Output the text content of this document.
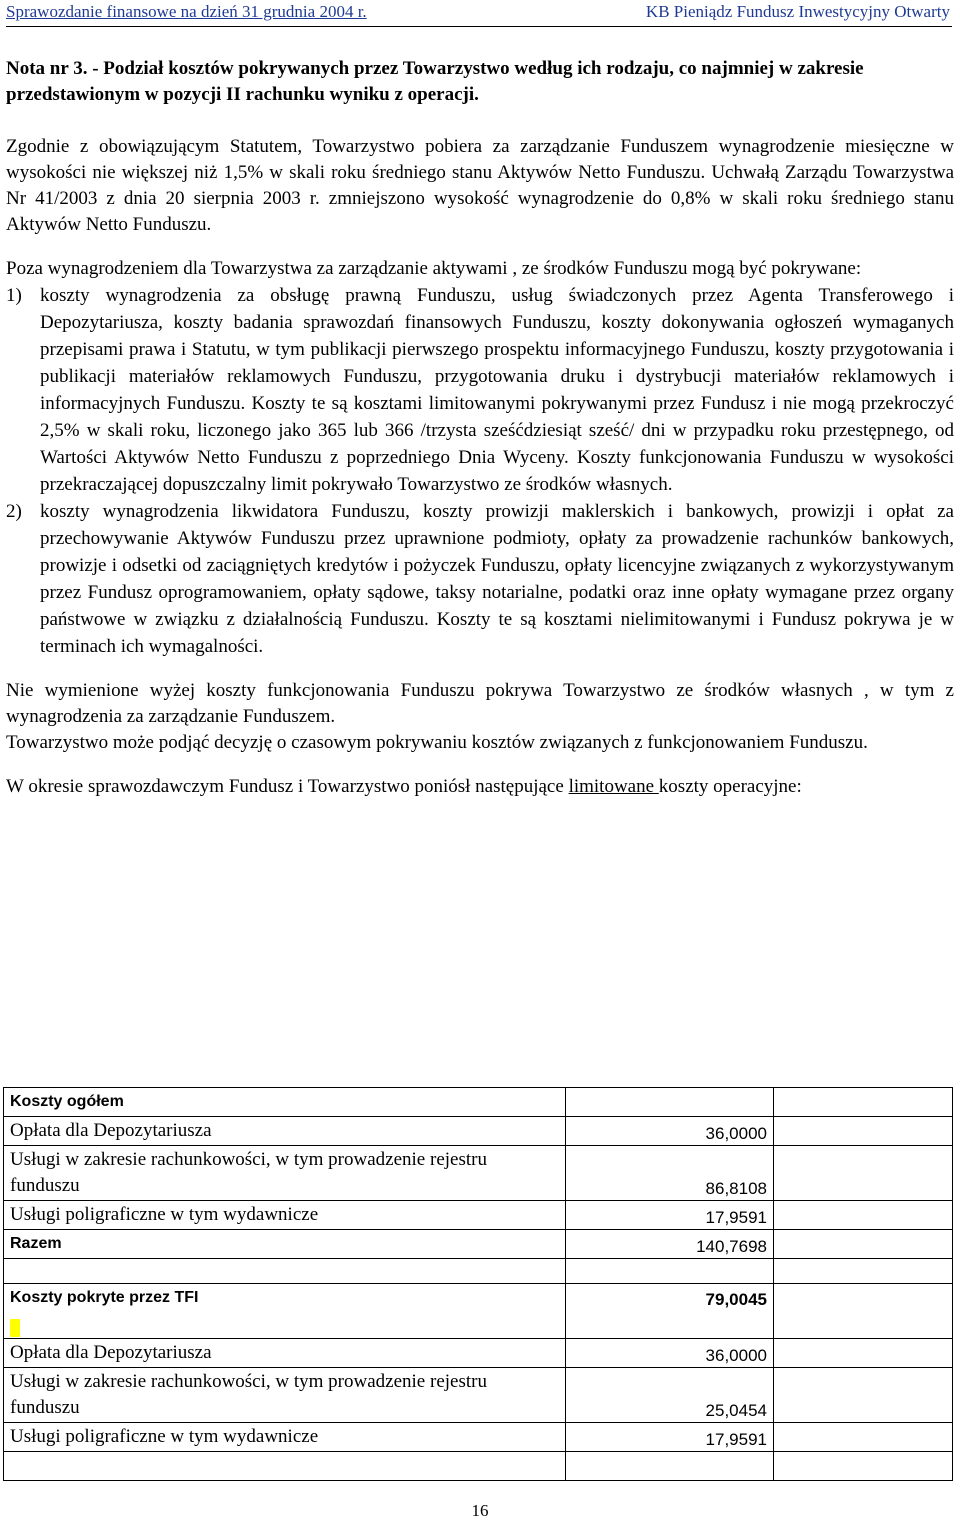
Sprawozdanie finansowe na dzień 31 grudnia 2004 r.	KB Pieniądz Fundusz Inwestycyjny Otwarty

Nota nr 3. - Podział kosztów pokrywanych przez Towarzystwo według ich rodzaju, co najmniej w zakresie przedstawionym w pozycji II rachunku wyniku z operacji.

Zgodnie z obowiązującym Statutem, Towarzystwo pobiera za zarządzanie Funduszem wynagrodzenie miesięczne w wysokości nie większej niż 1,5% w skali roku średniego stanu Aktywów Netto Funduszu. Uchwałą Zarządu Towarzystwa Nr 41/2003 z dnia 20 sierpnia 2003 r. zmniejszono wysokość wynagrodzenie do 0,8% w skali roku średniego stanu Aktywów Netto Funduszu.

Poza wynagrodzeniem dla Towarzystwa za zarządzanie aktywami , ze środków Funduszu mogą być pokrywane:

1) koszty wynagrodzenia za obsługę prawną Funduszu, usług świadczonych przez Agenta Transferowego i Depozytariusza, koszty badania sprawozdań finansowych Funduszu, koszty dokonywania ogłoszeń wymaganych przepisami prawa i Statutu, w tym publikacji pierwszego prospektu informacyjnego Funduszu, koszty przygotowania i publikacji materiałów reklamowych Funduszu, przygotowania druku i dystrybucji materiałów reklamowych i informacyjnych Funduszu. Koszty te są kosztami limitowanymi pokrywanymi przez Fundusz i nie mogą przekroczyć 2,5% w skali roku, liczonego jako 365 lub 366 /trzysta sześćdziesiąt sześć/ dni w przypadku roku przestępnego, od Wartości Aktywów Netto Funduszu z poprzedniego Dnia Wyceny. Koszty funkcjonowania Funduszu w wysokości przekraczającej dopuszczalny limit pokrywało Towarzystwo ze środków własnych.
2) koszty wynagrodzenia likwidatora Funduszu, koszty prowizji maklerskich i bankowych, prowizji i opłat za przechowywanie Aktywów Funduszu przez uprawnione podmioty, opłaty za prowadzenie rachunków bankowych, prowizje i odsetki od zaciągniętych kredytów i pożyczek Funduszu, opłaty licencyjne związanych z wykorzystywanym przez Fundusz oprogramowaniem, opłaty sądowe, taksy notarialne, podatki oraz inne opłaty wymagane przez organy państwowe w związku z działalnością Funduszu. Koszty te są kosztami nielimitowanymi i Fundusz pokrywa je w terminach ich wymagalności.

Nie wymienione wyżej koszty funkcjonowania Funduszu pokrywa Towarzystwo ze środków własnych , w tym z wynagrodzenia za zarządzanie Funduszem.

Towarzystwo może podjąć decyzję o czasowym pokrywaniu kosztów związanych z funkcjonowaniem Funduszu.

W okresie sprawozdawczym Fundusz i Towarzystwo poniósł następujące limitowane koszty operacyjne:

Koszty ogółem
Opłata dla Depozytariusza	36,0000
Usługi w zakresie rachunkowości, w tym prowadzenie rejestru funduszu	86,8108
Usługi poligraficzne w tym wydawnicze	17,9591
Razem	140,7698
Koszty pokryte przez TFI	79,0045
Opłata dla Depozytariusza	36,0000
Usługi w zakresie rachunkowości, w tym prowadzenie rejestru funduszu	25,0454
Usługi poligraficzne w tym wydawnicze	17,9591
16
